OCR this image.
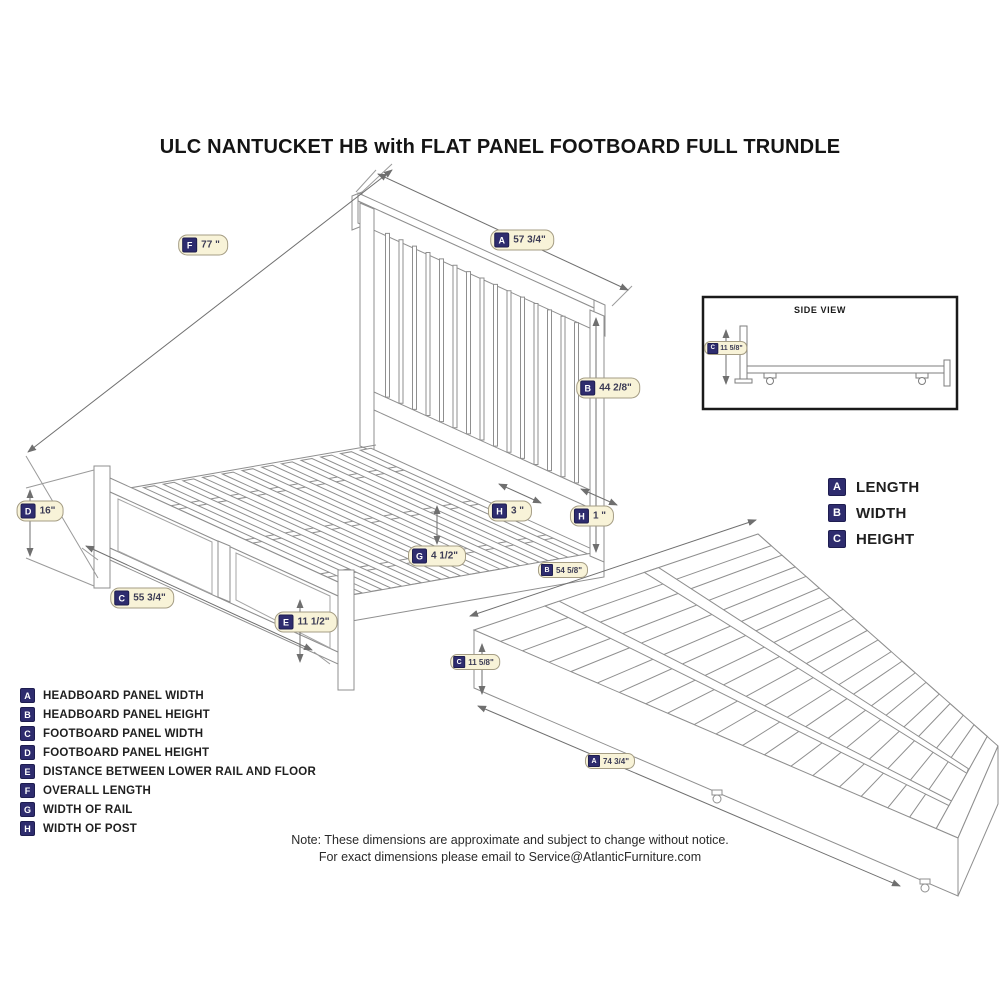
ULC NANTUCKET HB with FLAT PANEL FOOTBOARD FULL TRUNDLE
F 77 "	A 57 3/4"
B 44 2/8"
D 16"
C 55 3/4"
E 11 1/2"
G 4 1/2"
H 3 "	H 1 "
C 11 5/8"
B 54 5/8"
C 11 5/8"
A 74 3/4"
SIDE VIEW
A	LENGTH
B	WIDTH
C	HEIGHT
A	HEADBOARD PANEL WIDTH
B	HEADBOARD PANEL HEIGHT
C	FOOTBOARD PANEL WIDTH
D	FOOTBOARD PANEL HEIGHT
E	DISTANCE BETWEEN LOWER RAIL AND FLOOR
F	OVERALL LENGTH
G	WIDTH OF RAIL
H	WIDTH OF POST
Note: These dimensions are approximate and subject to change without notice.
For exact dimensions please email to Service@AtlanticFurniture.com
